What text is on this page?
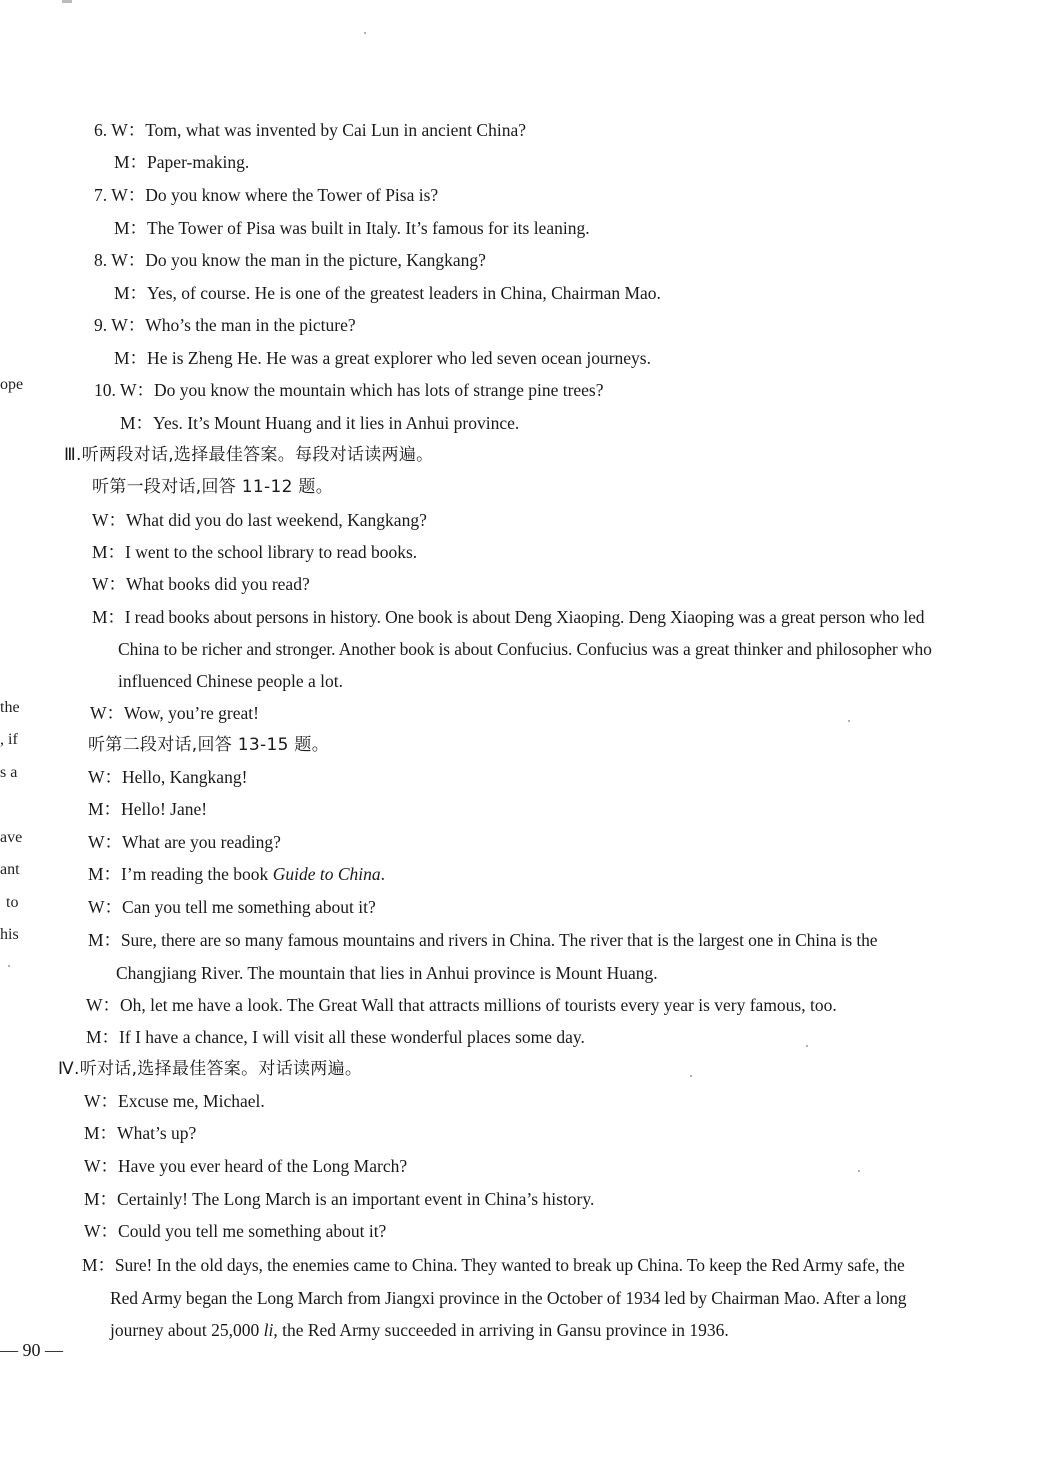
6. W：Tom, what was invented by Cai Lun in ancient China?
M：Paper-making.
7. W：Do you know where the Tower of Pisa is?
M：The Tower of Pisa was built in Italy. It’s famous for its leaning.
8. W：Do you know the man in the picture, Kangkang?
M：Yes, of course. He is one of the greatest leaders in China, Chairman Mao.
9. W：Who’s the man in the picture?
M：He is Zheng He. He was a great explorer who led seven ocean journeys.
10. W：Do you know the mountain which has lots of strange pine trees?
M：Yes. It’s Mount Huang and it lies in Anhui province.
Ⅲ.听两段对话,选择最佳答案。每段对话读两遍。
听第一段对话,回答 11-12 题。
W：What did you do last weekend, Kangkang?
M：I went to the school library to read books.
W：What books did you read?
M：I read books about persons in history. One book is about Deng Xiaoping. Deng Xiaoping was a great person who led
China to be richer and stronger. Another book is about Confucius. Confucius was a great thinker and philosopher who
influenced Chinese people a lot.
W：Wow, you’re great!
听第二段对话,回答 13-15 题。
W：Hello, Kangkang!
M：Hello! Jane!
W：What are you reading?
M：I’m reading the book Guide to China.
W：Can you tell me something about it?
M：Sure, there are so many famous mountains and rivers in China. The river that is the largest one in China is the
Changjiang River. The mountain that lies in Anhui province is Mount Huang.
W：Oh, let me have a look. The Great Wall that attracts millions of tourists every year is very famous, too.
M：If I have a chance, I will visit all these wonderful places some day.
Ⅳ.听对话,选择最佳答案。对话读两遍。
W：Excuse me, Michael.
M：What’s up?
W：Have you ever heard of the Long March?
M：Certainly! The Long March is an important event in China’s history.
W：Could you tell me something about it?
M：Sure! In the old days, the enemies came to China. They wanted to break up China. To keep the Red Army safe, the
Red Army began the Long March from Jiangxi province in the October of 1934 led by Chairman Mao. After a long
journey about 25,000 li, the Red Army succeeded in arriving in Gansu province in 1936.
ope
the
, if
s a
ave
ant
to
his
— 90 —
